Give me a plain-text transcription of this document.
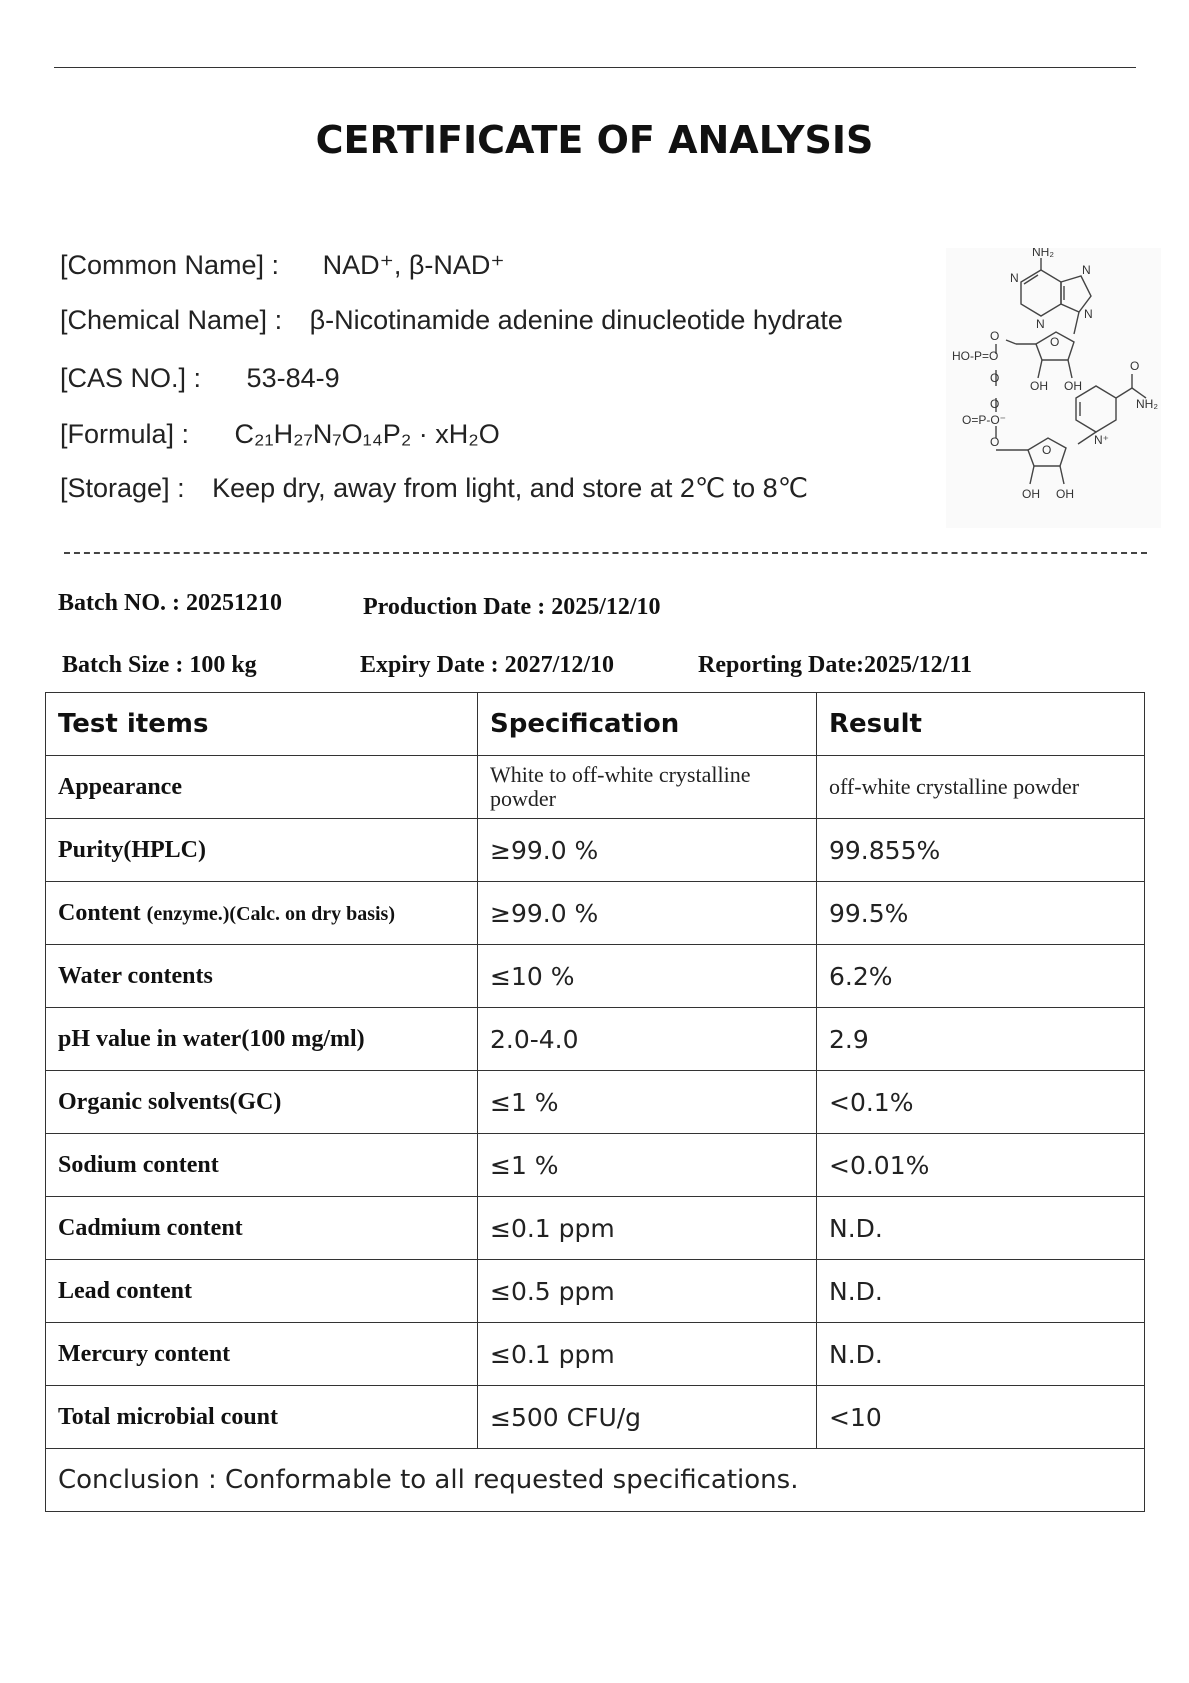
CERTIFICATE OF ANALYSIS
[Common Name] : NAD⁺, β-NAD⁺
[Chemical Name] : β-Nicotinamide adenine dinucleotide hydrate
[CAS NO.] : 53-84-9
[Formula] : C₂₁H₂₇N₇O₁₄P₂ · xH₂O
[Storage] : Keep dry, away from light, and store at 2℃ to 8℃
NH₂
N
N
N
N
O
HO-P=O
O
O
OH OH
O
O=P-O⁻
O
O
NH₂
N⁺
O
OH OH
Batch NO. : 20251210	Production Date : 2025/12/10
Batch Size : 100 kg	Expiry Date : 2027/12/10	Reporting Date:2025/12/11
Test items	Specification	Result
Appearance	White to off-white crystalline powder	off-white crystalline powder
Purity(HPLC)	≥99.0 %	99.855%
Content (enzyme.)(Calc. on dry basis)	≥99.0 %	99.5%
Water contents	≤10 %	6.2%
pH value in water(100 mg/ml)	2.0-4.0	2.9
Organic solvents(GC)	≤1 %	<0.1%
Sodium content	≤1 %	<0.01%
Cadmium content	≤0.1 ppm	N.D.
Lead content	≤0.5 ppm	N.D.
Mercury content	≤0.1 ppm	N.D.
Total microbial count	≤500 CFU/g	<10
Conclusion : Conformable to all requested specifications.		
